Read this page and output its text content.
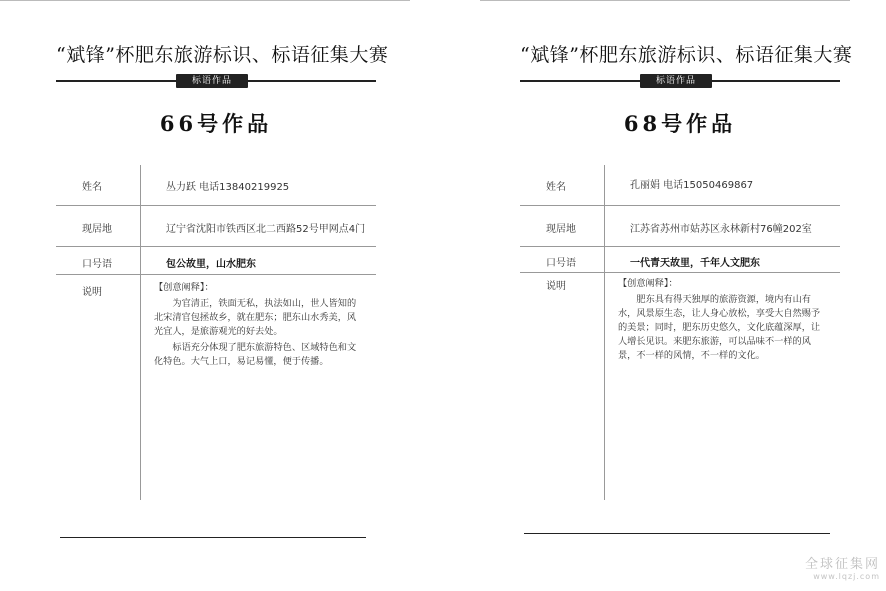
“斌锋”杯肥东旅游标识、标语征集大赛
标语作品
66号作品
姓名	丛力跃 电话13840219925
现居地	辽宁省沈阳市铁西区北二西路52号甲网点4门
口号语	包公故里，山水肥东
说明	【创意阐释】：

为官清正，铁面无私，执法如山，世人皆知的北宋清官包拯故乡，就在肥东；肥东山水秀美，风光宜人，是旅游观光的好去处。

标语充分体现了肥东旅游特色、区域特色和文化特色。大气上口，易记易懂，便于传播。

“斌锋”杯肥东旅游标识、标语征集大赛
标语作品
68号作品
姓名	孔丽娟 电话15050469867
现居地	江苏省苏州市姑苏区永林新村76幢202室
口号语	一代青天故里，千年人文肥东
说明	【创意阐释】：

肥东具有得天独厚的旅游资源，境内有山有水，风景原生态，让人身心放松，享受大自然赐予的美景；同时，肥东历史悠久，文化底蕴深厚，让人增长见识。来肥东旅游，可以品味不一样的风景，不一样的风情，不一样的文化。

全球征集网
www.lqzj.com
